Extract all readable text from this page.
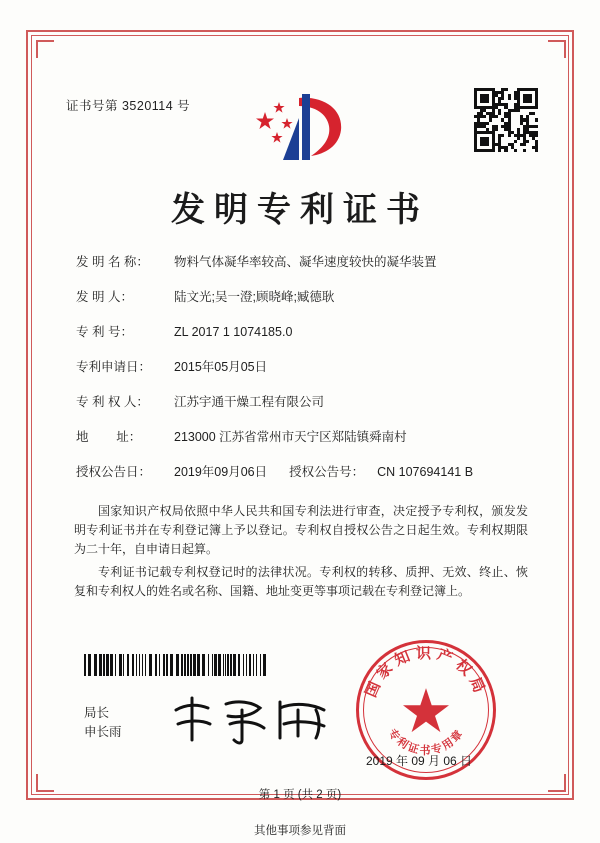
证书号第 3520114 号
发明专利证书
发 明 名 称：	物料气体凝华率较高、凝华速度较快的凝华装置
发 明 人：	陆文光;吴一澄;顾晓峰;臧德耿
专 利 号：	ZL 2017 1 1074185.0
专利申请日：	2015年05月05日
专 利 权 人：	江苏宇通干燥工程有限公司
地        址：	213000 江苏省常州市天宁区郑陆镇舜南村
授权公告日：	2019年09月06日 授权公告号：	CN 107694141 B

国家知识产权局依照中华人民共和国专利法进行审查，决定授予专利权，颁发发明专利证书并在专利登记簿上予以登记。专利权自授权公告之日起生效。专利权期限为二十年，自申请日起算。

专利证书记载专利权登记时的法律状况。专利权的转移、质押、无效、终止、恢复和专利权人的姓名或名称、国籍、地址变更等事项记载在专利登记簿上。

局长
申长雨
国家知识产权局
专利证书专用章
2019 年 09 月 06 日
第 1 页 (共 2 页)
其他事项参见背面
